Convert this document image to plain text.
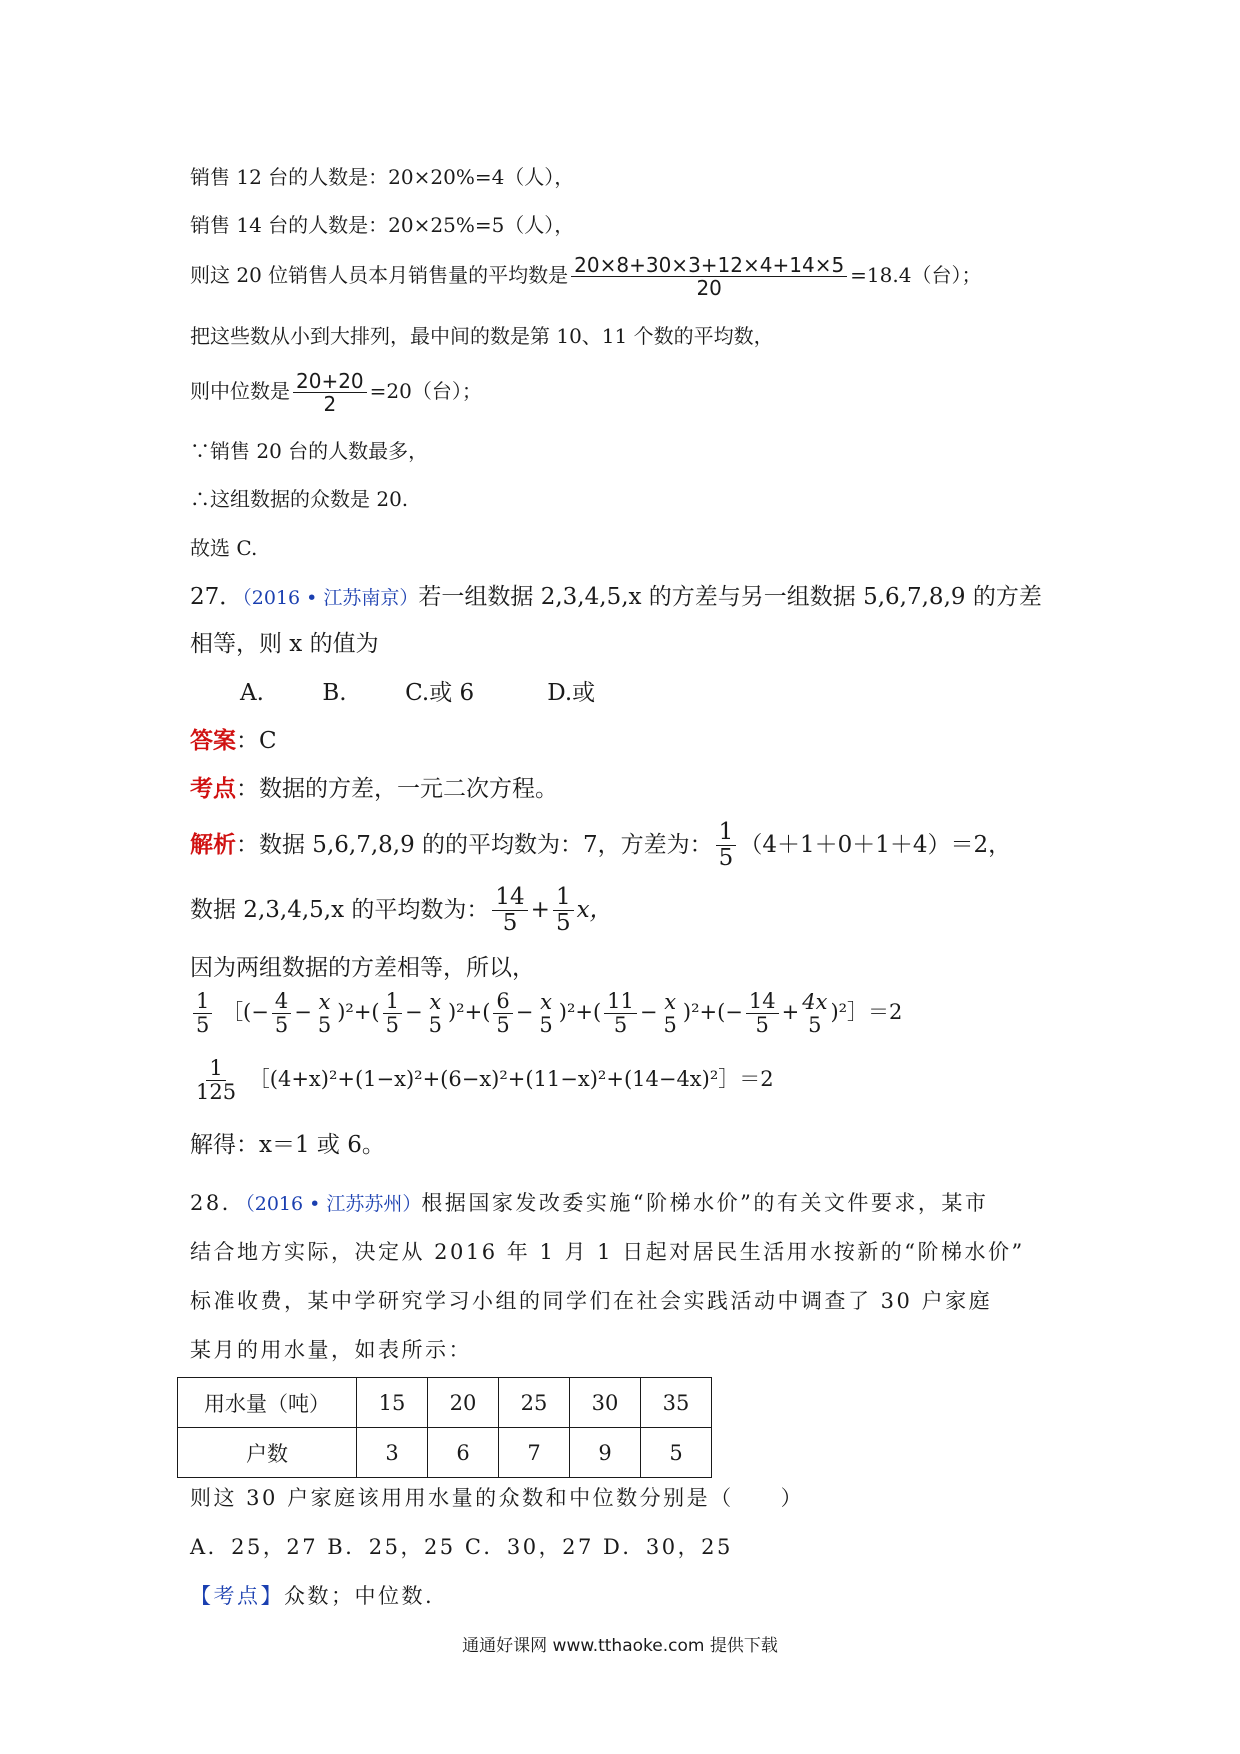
销售 12 台的人数是：20×20%=4（人），
销售 14 台的人数是：20×25%=5（人），
则这 20 位销售人员本月销售量的平均数是 $\frac{20\times 8+30\times 3+12\times 4+14\times 5}{20} =18.4$（台）；
把这些数从小到大排列，最中间的数是第 10、11 个数的平均数，
则中位数是 $\frac{20+20}{2} =20$（台）；
∵销售 20 台的人数最多，
∴这组数据的众数是 20.
故选 C.
27．（2016 • 江苏南京）若一组数据 2,3,4,5,x 的方差与另一组数据 5,6,7,8,9 的方差
相等，则 x 的值为
A.        B.        C.或 6          D.或
答案：C
考点：数据的方差，一元二次方程。
解析：数据 5,6,7,8,9 的的平均数为：7，方差为： $\frac{1}{5} (4+1+0+1+4)=2$，
数据 2,3,4,5,x 的平均数为： $\frac{14}{5} + \frac{1}{5}$ x，
因为两组数据的方差相等，所以，
$\frac{1}{5}$ ［(− $\frac{4}{5} - x$
5
)$^2+( \frac{1}{5} - x$
5
)$^2+( \frac{6}{5} - x$
5
)$^2+( \frac{11}{5} - x$
5
)$^2+(- \frac{14}{5} + 4x$
5
)²］＝2
$\frac{1}{125}$ ［(4+x)²+(1−x)²+(6−x)²+(11−x)²+(14−4x)²］＝2
解得：x＝1 或 6。
28．（2016 • 江苏苏州）根据国家发改委实施“阶梯水价”的有关文件要求，某市
结合地方实际，决定从 2016 年 1 月 1 日起对居民生活用水按新的“阶梯水价”
标准收费，某中学研究学习小组的同学们在社会实践活动中调查了 30 户家庭
某月的用水量，如表所示：
用水量（吨）	15	20	25	30	35
户数	3	6	7	9	5
则这 30 户家庭该用用水量的众数和中位数分别是（　　）
A．25，27 B．25，25 C．30，27 D．30，25
【考点】众数；中位数.
通通好课网 www.tthaoke.com 提供下载
